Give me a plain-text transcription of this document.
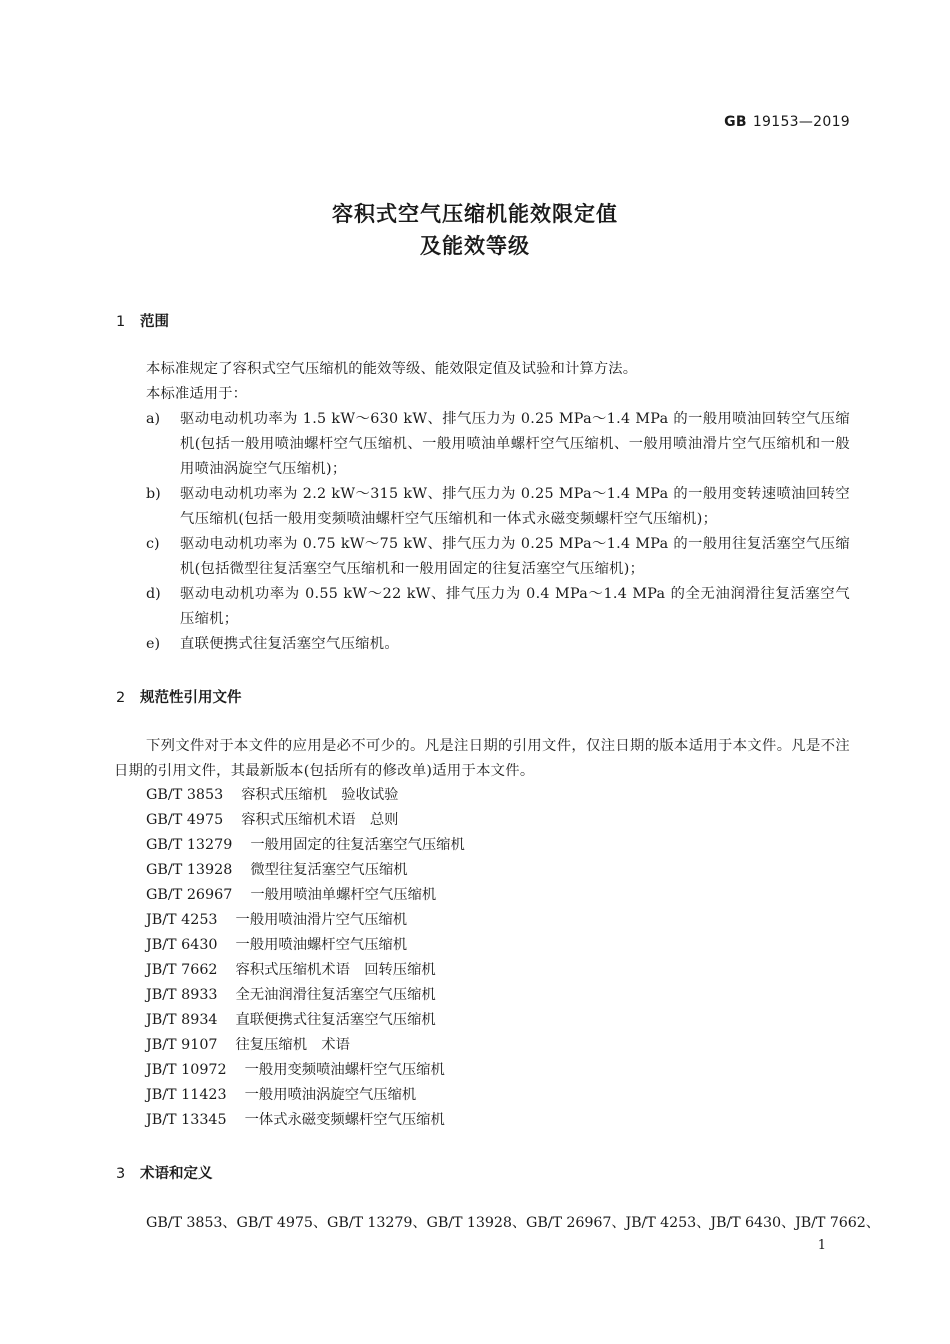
GB 19153—2019
容积式空气压缩机能效限定值
及能效等级
1 范围
本标准规定了容积式空气压缩机的能效等级、能效限定值及试验和计算方法。
本标准适用于：
a)	驱动电动机功率为 1.5 kW～630 kW、排气压力为 0.25 MPa～1.4 MPa 的一般用喷油回转空气压缩机(包括一般用喷油螺杆空气压缩机、一般用喷油单螺杆空气压缩机、一般用喷油滑片空气压缩机和一般用喷油涡旋空气压缩机)；
b)	驱动电动机功率为 2.2 kW～315 kW、排气压力为 0.25 MPa～1.4 MPa 的一般用变转速喷油回转空气压缩机(包括一般用变频喷油螺杆空气压缩机和一体式永磁变频螺杆空气压缩机)；
c)	驱动电动机功率为 0.75 kW～75 kW、排气压力为 0.25 MPa～1.4 MPa 的一般用往复活塞空气压缩机(包括微型往复活塞空气压缩机和一般用固定的往复活塞空气压缩机)；
d)	驱动电动机功率为 0.55 kW～22 kW、排气压力为 0.4 MPa～1.4 MPa 的全无油润滑往复活塞空气压缩机；
e)	直联便携式往复活塞空气压缩机。
2 规范性引用文件
下列文件对于本文件的应用是必不可少的。凡是注日期的引用文件，仅注日期的版本适用于本文件。凡是不注日期的引用文件，其最新版本(包括所有的修改单)适用于本文件。
GB/T 3853 容积式压缩机　验收试验
GB/T 4975 容积式压缩机术语　总则
GB/T 13279 一般用固定的往复活塞空气压缩机
GB/T 13928 微型往复活塞空气压缩机
GB/T 26967 一般用喷油单螺杆空气压缩机
JB/T 4253 一般用喷油滑片空气压缩机
JB/T 6430 一般用喷油螺杆空气压缩机
JB/T 7662 容积式压缩机术语　回转压缩机
JB/T 8933 全无油润滑往复活塞空气压缩机
JB/T 8934 直联便携式往复活塞空气压缩机
JB/T 9107 往复压缩机　术语
JB/T 10972 一般用变频喷油螺杆空气压缩机
JB/T 11423 一般用喷油涡旋空气压缩机
JB/T 13345 一体式永磁变频螺杆空气压缩机
3 术语和定义
GB/T 3853、GB/T 4975、GB/T 13279、GB/T 13928、GB/T 26967、JB/T 4253、JB/T 6430、JB/T 7662、
1
